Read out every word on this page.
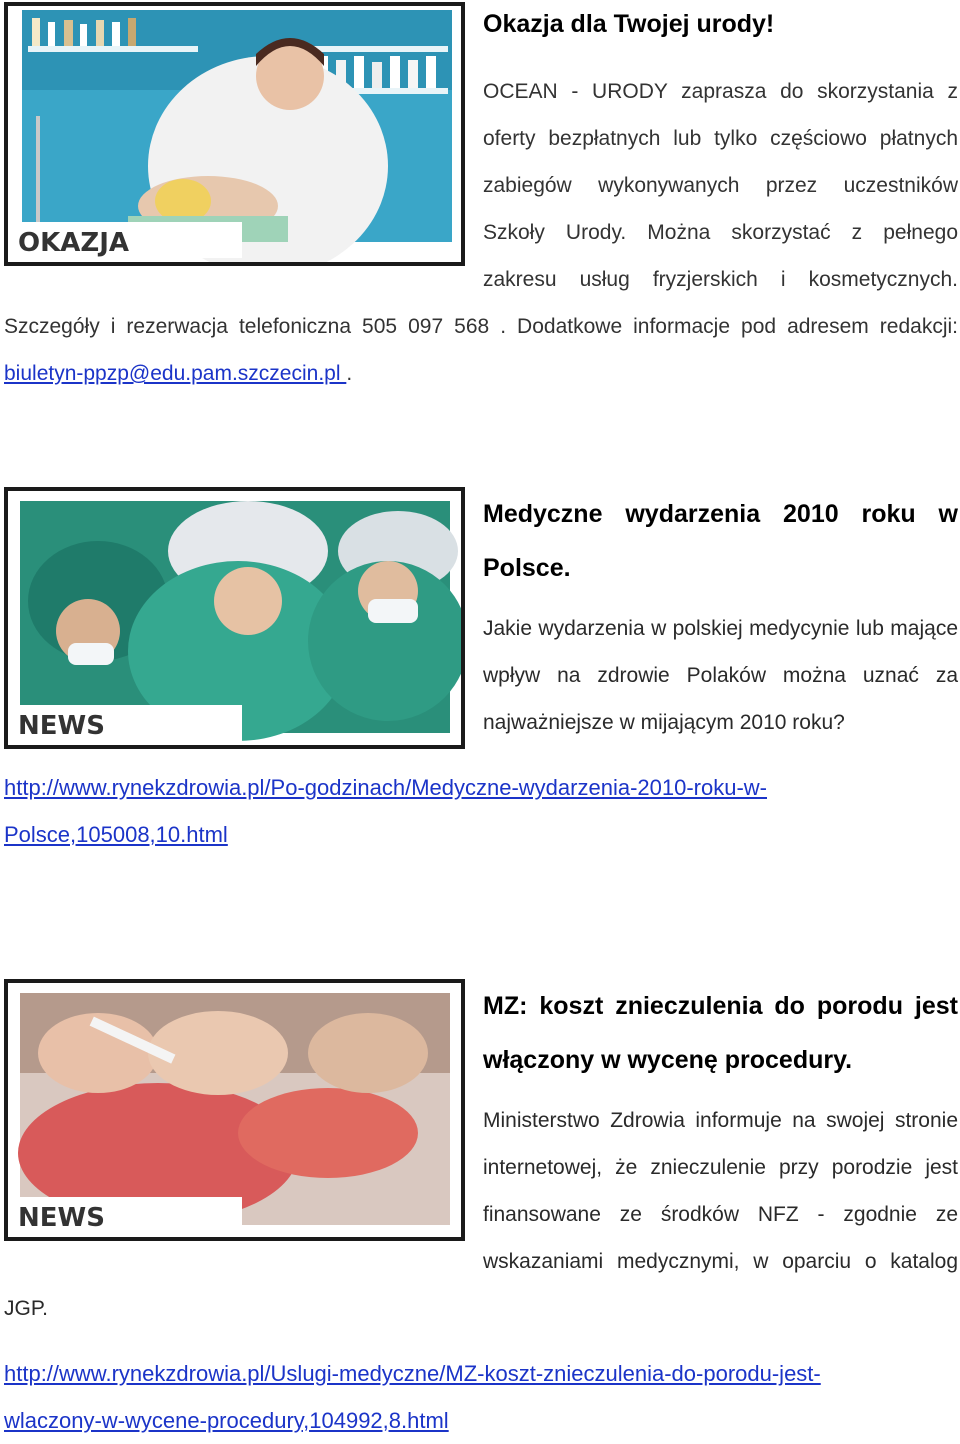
OKAZJA
Okazja dla Twojej urody!

OCEAN - URODY zaprasza do skorzystania z oferty bezpłatnych lub tylko częściowo płatnych zabiegów wykonywanych przez uczestników Szkoły Urody. Można skorzystać z pełnego zakresu usług fryzjerskich i kosmetycznych. Szczegóły i rezerwacja telefoniczna 505 097 568 . Dodatkowe informacje pod adresem redakcji: biuletyn-ppzp@edu.pam.szczecin.pl .

NEWS
Medyczne wydarzenia 2010 roku w Polsce.

Jakie wydarzenia w polskiej medycynie lub mające wpływ na zdrowie Polaków można uznać za najważniejsze w mijającym 2010 roku?

http://www.rynekzdrowia.pl/Po-godzinach/Medyczne-wydarzenia-2010-roku-w-
Polsce,105008,10.html

NEWS
MZ: koszt znieczulenia do porodu jest włączony w wycenę procedury.

Ministerstwo Zdrowia informuje na swojej stronie internetowej, że znieczulenie przy porodzie jest finansowane ze środków NFZ - zgodnie ze wskazaniami medycznymi, w oparciu o katalog JGP.

http://www.rynekzdrowia.pl/Uslugi-medyczne/MZ-koszt-znieczulenia-do-porodu-jest-
wlaczony-w-wycene-procedury,104992,8.html
